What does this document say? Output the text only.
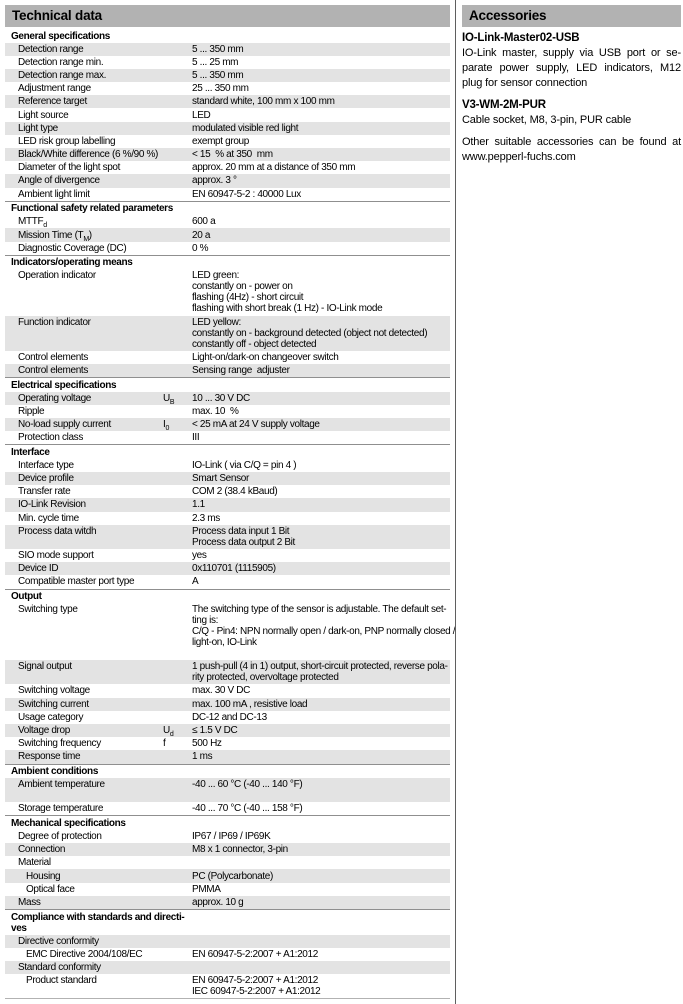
Technical data
General specifications
Detection range	5 ... 350 mm
Detection range min.	5 ... 25 mm
Detection range max.	5 ... 350 mm
Adjustment range	25 ... 350 mm
Reference target	standard white, 100 mm x 100 mm
Light source	LED
Light type	modulated visible red light
LED risk group labelling	exempt group
Black/White difference (6 %/90 %)	< 15  % at 350  mm
Diameter of the light spot	approx. 20 mm at a distance of 350 mm
Angle of divergence	approx. 3 °
Ambient light limit	EN 60947-5-2 : 40000 Lux
Functional safety related parameters
$MTTF_d$	600 a
Mission Time $(T_M)$	20 a
Diagnostic Coverage (DC)	0 %
Indicators/operating means
Operation indicator	LED green:
constantly on - power on
flashing (4Hz) - short circuit
flashing with short break (1 Hz) - IO-Link mode
Function indicator	LED yellow:
constantly on - background detected (object not detected)
constantly off - object detected
Control elements	Light-on/dark-on changeover switch
Control elements	Sensing range  adjuster
Electrical specifications
Operating voltage	$U_B$	10 ... 30 V DC
Ripple	max. 10  %
No-load supply current	$I_0$	< 25 mA at 24 V supply voltage
Protection class	III
Interface
Interface type	IO-Link ( via C/Q = pin 4 )
Device profile	Smart Sensor
Transfer rate	COM 2 (38.4 kBaud)
IO-Link Revision	1.1
Min. cycle time	2.3 ms
Process data witdh	Process data input 1 Bit
Process data output 2 Bit
SIO mode support	yes
Device ID	0x110701 (1115905)
Compatible master port type	A
Output
Switching type	The switching type of the sensor is adjustable. The default set-
ting is:
C/Q - Pin4: NPN normally open / dark-on, PNP normally closed /
light-on, IO-Link
Signal output	1 push-pull (4 in 1) output, short-circuit protected, reverse pola-
rity protected, overvoltage protected
Switching voltage	max. 30 V DC
Switching current	max. 100 mA , resistive load
Usage category	DC-12 and DC-13
Voltage drop	$U_d$	≤ 1.5 V DC
Switching frequency	f	500 Hz
Response time	1 ms
Ambient conditions
Ambient temperature	-40 ... 60 °C (-40 ... 140 °F)
Storage temperature	-40 ... 70 °C (-40 ... 158 °F)
Mechanical specifications
Degree of protection	IP67 / IP69 / IP69K
Connection	M8 x 1 connector, 3-pin
Material
Housing	PC (Polycarbonate)
Optical face	PMMA
Mass	approx. 10 g
Compliance with standards and directi-
ves
Directive conformity
EMC Directive 2004/108/EC	EN 60947-5-2:2007 + A1:2012
Standard conformity
Product standard	EN 60947-5-2:2007 + A1:2012
IEC 60947-5-2:2007 + A1:2012
Accessories
IO-Link-Master02-USB
IO-Link master, supply via USB port or se-
parate power supply, LED indicators, M12
plug for sensor connection
V3-WM-2M-PUR
Cable socket, M8, 3-pin, PUR cable
Other suitable accessories can be found at
www.pepperl-fuchs.com
